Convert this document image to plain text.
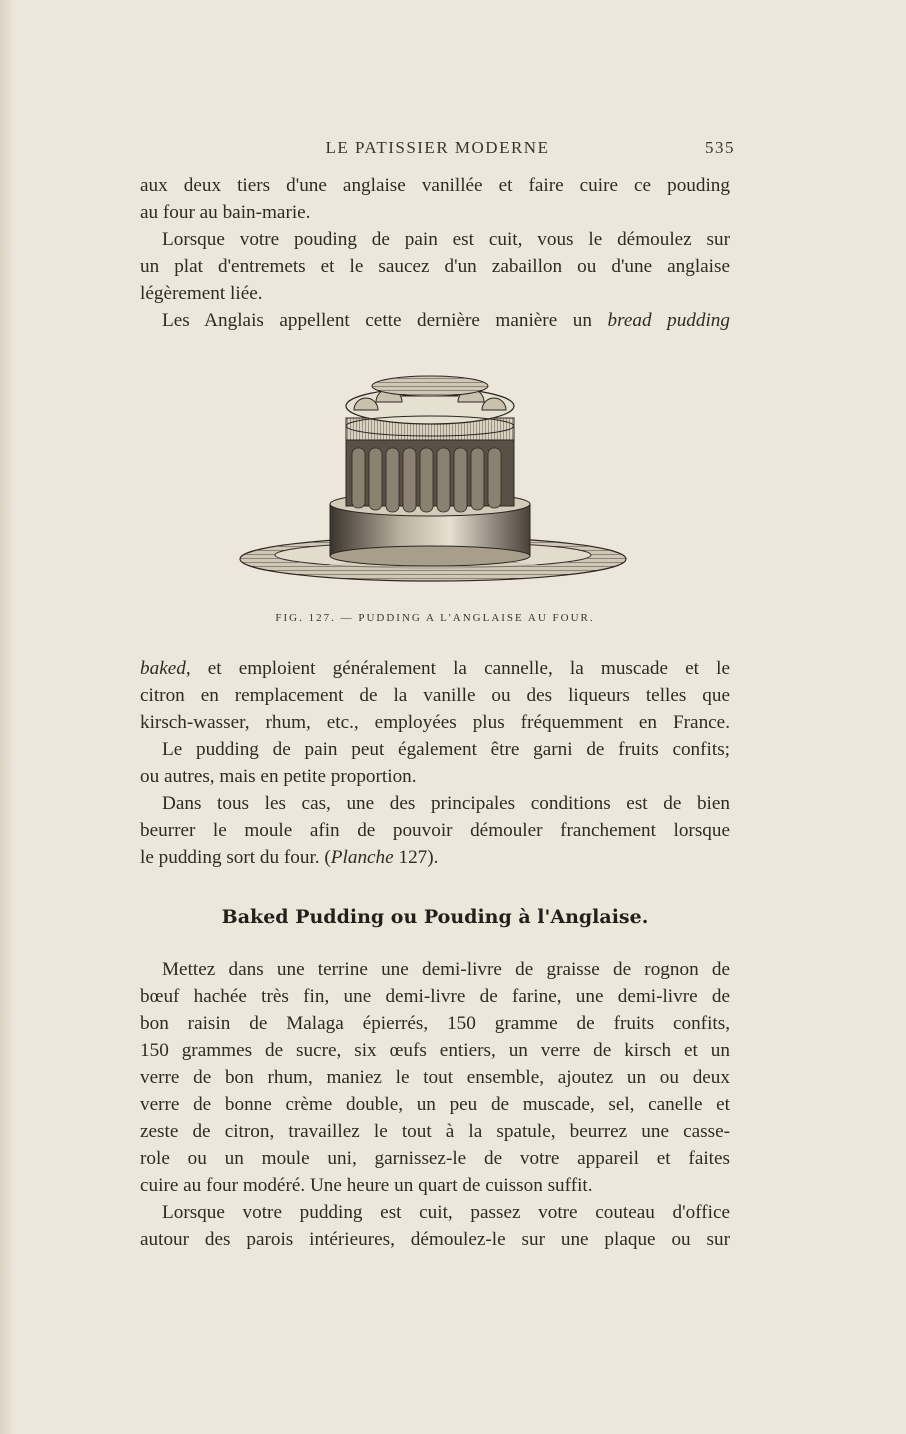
LE PATISSIER MODERNE	535
aux deux tiers d'une anglaise vanillée et faire cuire ce pouding
au four au bain-marie.
Lorsque votre pouding de pain est cuit, vous le démoulez sur
un plat d'entremets et le saucez d'un zabaillon ou d'une anglaise
légèrement liée.
Les Anglais appellent cette dernière manière un bread pudding
FIG. 127. — PUDDING A L'ANGLAISE AU FOUR.
baked, et emploient généralement la cannelle, la muscade et le
citron en remplacement de la vanille ou des liqueurs telles que
kirsch-wasser, rhum, etc., employées plus fréquemment en France.
Le pudding de pain peut également être garni de fruits confits;
ou autres, mais en petite proportion.
Dans tous les cas, une des principales conditions est de bien
beurrer le moule afin de pouvoir démouler franchement lorsque
le pudding sort du four. (Planche 127).
Baked Pudding ou Pouding à l'Anglaise.
Mettez dans une terrine une demi-livre de graisse de rognon de
bœuf hachée très fin, une demi-livre de farine, une demi-livre de
bon raisin de Malaga épierrés, 150 gramme de fruits confits,
150 grammes de sucre, six œufs entiers, un verre de kirsch et un
verre de bon rhum, maniez le tout ensemble, ajoutez un ou deux
verre de bonne crème double, un peu de muscade, sel, canelle et
zeste de citron, travaillez le tout à la spatule, beurrez une casse-
role ou un moule uni, garnissez-le de votre appareil et faites
cuire au four modéré. Une heure un quart de cuisson suffit.
Lorsque votre pudding est cuit, passez votre couteau d'office
autour des parois intérieures, démoulez-le sur une plaque ou sur
